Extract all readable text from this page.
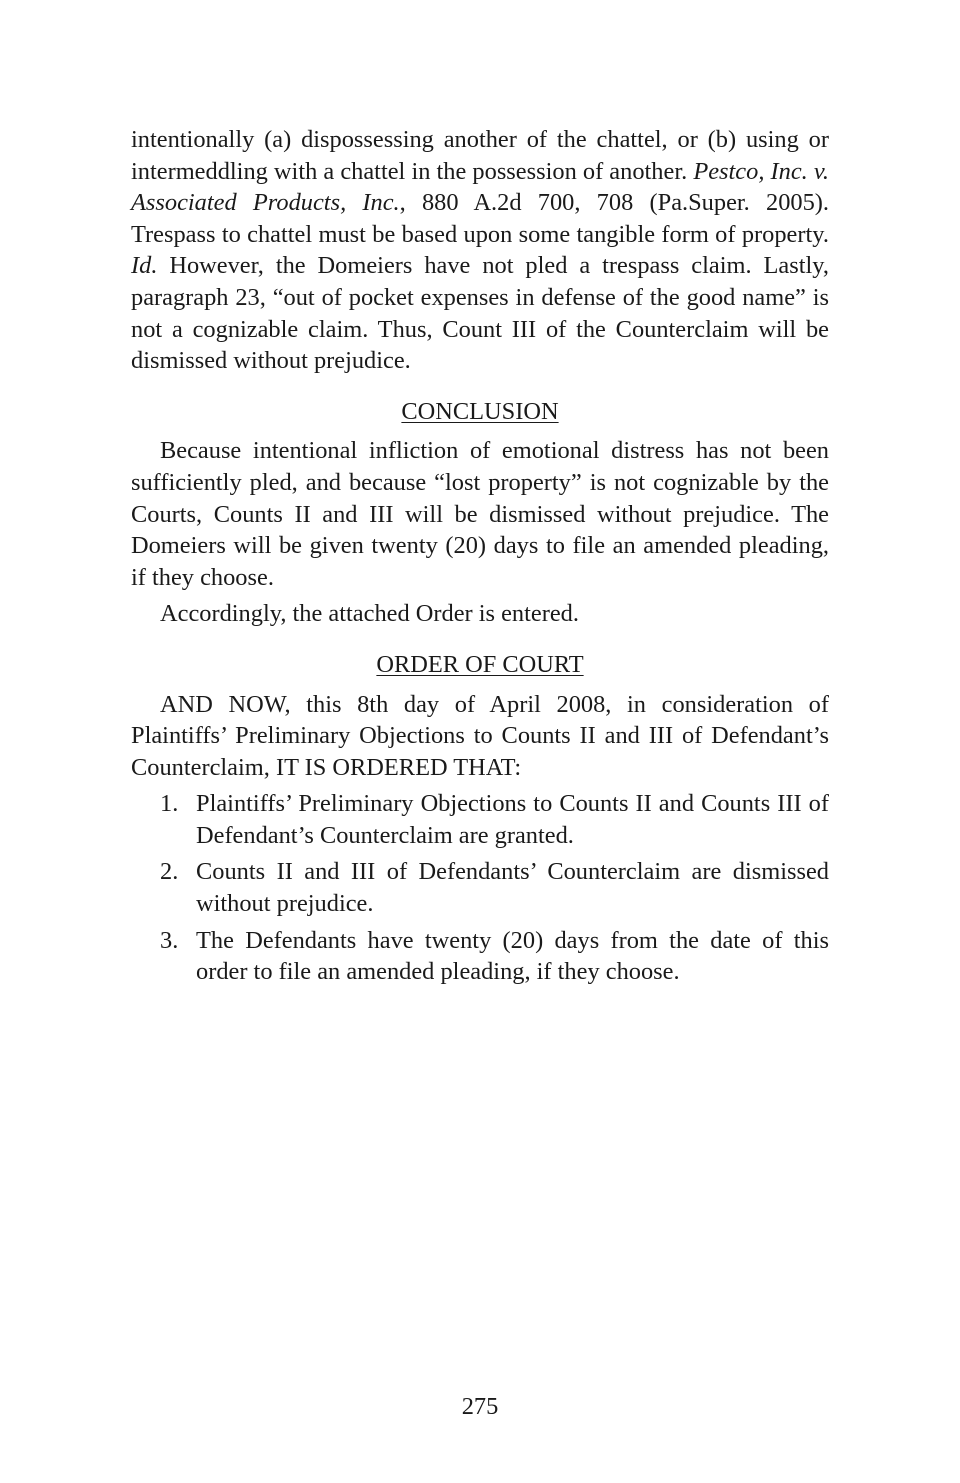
intentionally (a) dispossessing another of the chattel, or (b) using or intermeddling with a chattel in the possession of another. Pestco, Inc. v. Associated Products, Inc., 880 A.2d 700, 708 (Pa.Super. 2005). Trespass to chattel must be based upon some tangible form of property. Id. However, the Domeiers have not pled a trespass claim. Lastly, paragraph 23, “out of pocket expenses in defense of the good name” is not a cognizable claim. Thus, Count III of the Counterclaim will be dismissed without prejudice.

CONCLUSION

Because intentional infliction of emotional distress has not been sufficiently pled, and because “lost property” is not cognizable by the Courts, Counts II and III will be dismissed without prejudice. The Domeiers will be given twenty (20) days to file an amended pleading, if they choose.

Accordingly, the attached Order is entered.

ORDER OF COURT

AND NOW, this 8th day of April 2008, in consideration of Plaintiffs’ Preliminary Objections to Counts II and III of Defendant’s Counterclaim, IT IS ORDERED THAT:

1. Plaintiffs’ Preliminary Objections to Counts II and Counts III of Defendant’s Counterclaim are granted.
2. Counts II and III of Defendants’ Counterclaim are dismissed without prejudice.
3. The Defendants have twenty (20) days from the date of this order to file an amended pleading, if they choose.
275
